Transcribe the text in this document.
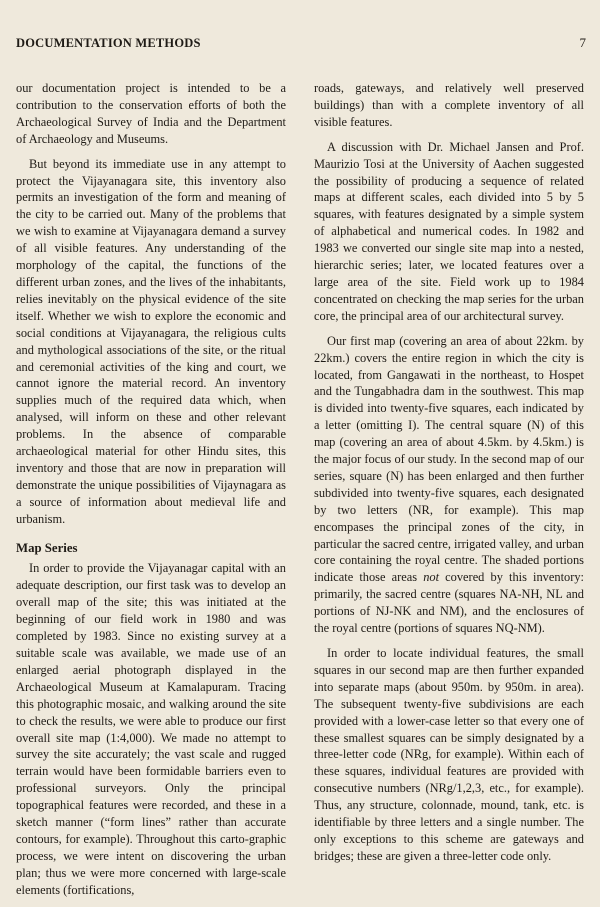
DOCUMENTATION METHODS	7

our documentation project is intended to be a contribution to the conservation efforts of both the Archaeological Survey of India and the Department of Archaeology and Museums.

But beyond its immediate use in any attempt to protect the Vijayanagara site, this inventory also permits an investigation of the form and meaning of the city to be carried out. Many of the problems that we wish to examine at Vijayanagara demand a survey of all visible features. Any understanding of the morphology of the capital, the functions of the different urban zones, and the lives of the inhabitants, relies inevitably on the physical evidence of the site itself. Whether we wish to explore the economic and social conditions at Vijayanagara, the religious cults and mythological associations of the site, or the ritual and ceremonial activities of the king and court, we cannot ignore the material record. An inventory supplies much of the required data which, when analysed, will inform on these and other relevant problems. In the absence of comparable archaeological material for other Hindu sites, this inventory and those that are now in preparation will demonstrate the unique possibilities of Vijaynagara as a source of information about medieval life and urbanism.

Map Series

In order to provide the Vijayanagar capital with an adequate description, our first task was to develop an overall map of the site; this was initiated at the beginning of our field work in 1980 and was completed by 1983. Since no existing survey at a suitable scale was available, we made use of an enlarged aerial photograph displayed in the Archaeological Museum at Kamalapuram. Tracing this photographic mosaic, and walking around the site to check the results, we were able to produce our first overall site map (1:4,000). We made no attempt to survey the site accurately; the vast scale and rugged terrain would have been formidable barriers even to professional surveyors. Only the principal topographical features were recorded, and these in a sketch manner (“form lines” rather than accurate contours, for example). Throughout this carto-graphic process, we were intent on discovering the urban plan; thus we were more concerned with large-scale elements (fortifications,

roads, gateways, and relatively well preserved buildings) than with a complete inventory of all visible features.

A discussion with Dr. Michael Jansen and Prof. Maurizio Tosi at the University of Aachen suggested the possibility of producing a sequence of related maps at different scales, each divided into 5 by 5 squares, with features designated by a simple system of alphabetical and numerical codes. In 1982 and 1983 we converted our single site map into a nested, hierarchic series; later, we located features over a large area of the site. Field work up to 1984 concentrated on checking the map series for the urban core, the principal area of our architectural survey.

Our first map (covering an area of about 22km. by 22km.) covers the entire region in which the city is located, from Gangawati in the northeast, to Hospet and the Tungabhadra dam in the southwest. This map is divided into twenty-five squares, each indicated by a letter (omitting I). The central square (N) of this map (covering an area of about 4.5km. by 4.5km.) is the major focus of our study. In the second map of our series, square (N) has been enlarged and then further subdivided into twenty-five squares, each designated by two letters (NR, for example). This map encompases the principal zones of the city, in particular the sacred centre, irrigated valley, and urban core containing the royal centre. The shaded portions indicate those areas not covered by this inventory: primarily, the sacred centre (squares NA-NH, NL and portions of NJ-NK and NM), and the enclosures of the royal centre (portions of squares NQ-NM).

In order to locate individual features, the small squares in our second map are then further expanded into separate maps (about 950m. by 950m. in area). The subsequent twenty-five subdivisions are each provided with a lower-case letter so that every one of these smallest squares can be simply designated by a three-letter code (NRg, for example). Within each of these squares, individual features are provided with consecutive numbers (NRg/1,2,3, etc., for example). Thus, any structure, colonnade, mound, tank, etc. is identifiable by three letters and a single number. The only exceptions to this scheme are gateways and bridges; these are given a three-letter code only.
